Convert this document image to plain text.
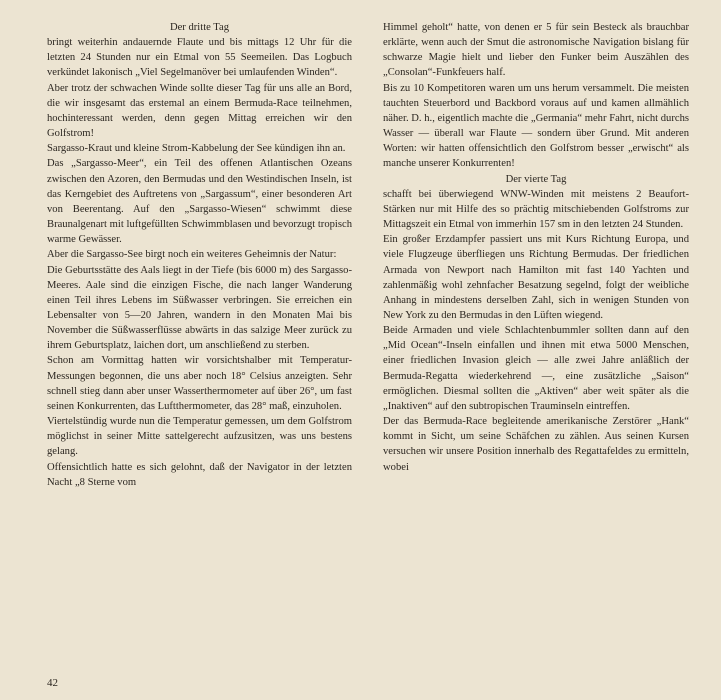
Der dritte Tag

bringt weiterhin andauernde Flaute und bis mittags 12 Uhr für die letzten 24 Stunden nur ein Etmal von 55 Seemeilen. Das Logbuch verkündet lakonisch „Viel Segelmanöver bei umlaufenden Winden“.

Aber trotz der schwachen Winde sollte dieser Tag für uns alle an Bord, die wir insgesamt das erstemal an einem Bermuda-Race teilnehmen, hochinteressant werden, denn gegen Mittag erreichen wir den Golfstrom!

Sargasso-Kraut und kleine Strom-Kabbelung der See kündigen ihn an.

Das „Sargasso-Meer“, ein Teil des offenen Atlantischen Ozeans zwischen den Azoren, den Bermudas und den Westindischen Inseln, ist das Kerngebiet des Auftretens von „Sargassum“, einer besonderen Art von Beerentang. Auf den „Sargasso-Wiesen“ schwimmt diese Braunalgenart mit luftgefüllten Schwimmblasen und bevorzugt tropisch warme Gewässer.

Aber die Sargasso-See birgt noch ein weiteres Geheimnis der Natur:

Die Geburtsstätte des Aals liegt in der Tiefe (bis 6000 m) des Sargasso-Meeres. Aale sind die einzigen Fische, die nach langer Wanderung einen Teil ihres Lebens im Süßwasser verbringen. Sie erreichen ein Lebensalter von 5—20 Jahren, wandern in den Monaten Mai bis November die Süßwasserflüsse abwärts in das salzige Meer zurück zu ihrem Geburtsplatz, laichen dort, um anschließend zu sterben.

Schon am Vormittag hatten wir vorsichtshalber mit Temperatur-Messungen begonnen, die uns aber noch 18° Celsius anzeigten. Sehr schnell stieg dann aber unser Wasserthermometer auf über 26°, um fast seinen Konkurrenten, das Luftthermometer, das 28° maß, einzuholen.

Viertelstündig wurde nun die Temperatur gemessen, um dem Golfstrom möglichst in seiner Mitte sattelgerecht aufzusitzen, was uns bestens gelang.

Offensichtlich hatte es sich gelohnt, daß der Navigator in der letzten Nacht „8 Sterne vom

Himmel geholt“ hatte, von denen er 5 für sein Besteck als brauchbar erklärte, wenn auch der Smut die astronomische Navigation bislang für schwarze Magie hielt und lieber den Funker beim Auszählen des „Consolan“-Funkfeuers half.

Bis zu 10 Kompetitoren waren um uns herum versammelt. Die meisten tauchten Steuerbord und Backbord voraus auf und kamen allmählich näher. D. h., eigentlich machte die „Germania“ mehr Fahrt, nicht durchs Wasser — überall war Flaute — sondern über Grund. Mit anderen Worten: wir hatten offensichtlich den Golfstrom besser „erwischt“ als manche unserer Konkurrenten!

Der vierte Tag

schafft bei überwiegend WNW-Winden mit meistens 2 Beaufort-Stärken nur mit Hilfe des so prächtig mitschiebenden Golfstroms zur Mittagszeit ein Etmal von immerhin 157 sm in den letzten 24 Stunden.

Ein großer Erzdampfer passiert uns mit Kurs Richtung Europa, und viele Flugzeuge überfliegen uns Richtung Bermudas. Der friedlichen Armada von Newport nach Hamilton mit fast 140 Yachten und zahlenmäßig wohl zehnfacher Besatzung segelnd, folgt der weibliche Anhang in mindestens derselben Zahl, sich in wenigen Stunden von New York zu den Bermudas in den Lüften wiegend.

Beide Armaden und viele Schlachtenbummler sollten dann auf den „Mid Ocean“-Inseln einfallen und ihnen mit etwa 5000 Menschen, einer friedlichen Invasion gleich — alle zwei Jahre anläßlich der Bermuda-Regatta wiederkehrend —, eine zusätzliche „Saison“ ermöglichen. Diesmal sollten die „Aktiven“ aber weit später als die „Inaktiven“ auf den subtropischen Trauminseln eintreffen.

Der das Bermuda-Race begleitende amerikanische Zerstörer „Hank“ kommt in Sicht, um seine Schäfchen zu zählen. Aus seinen Kursen versuchen wir unsere Position innerhalb des Regattafeldes zu ermitteln, wobei

42
